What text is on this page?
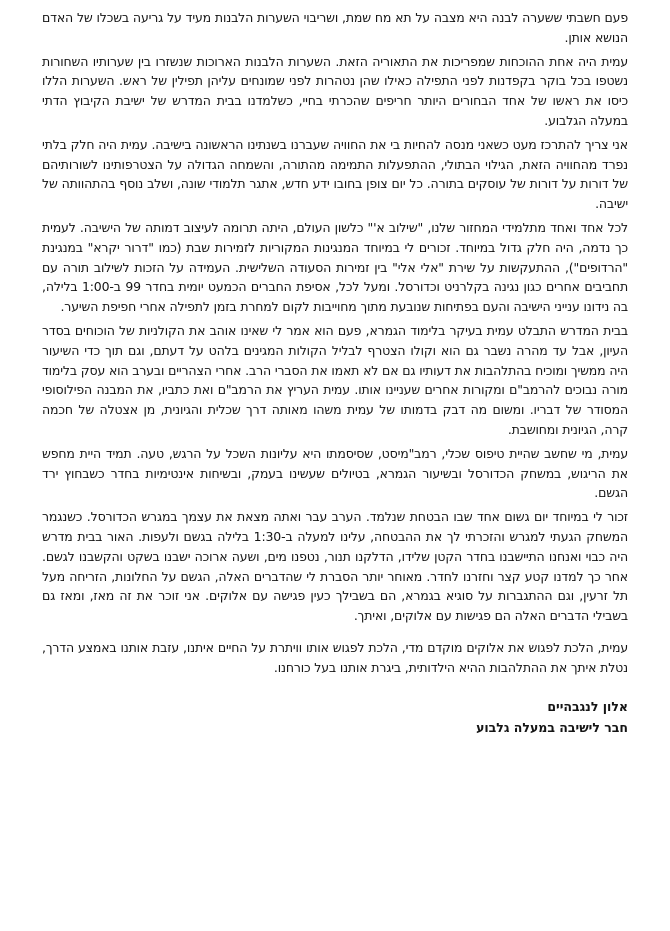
פעם חשבתי ששערה לבנה היא מצבה על תא מח שמת, ושריבוי השערות הלבנות מעיד על גריעה בשכלו של האדם הנושא אותן.

עמית היה אחת ההוכחות שמפריכות את התאוריה הזאת. השערות הלבנות הארוכות שנשזרו בין שערותיו השחורות נשטפו בכל בוקר בקפדנות לפני התפילה כאילו שהן נטהרות לפני שמונחים עליהן תפילין של ראש. השערות הללו כיסו את ראשו של אחד הבחורים היותר חריפים שהכרתי בחיי, כשלמדנו בבית המדרש של ישיבת הקיבוץ הדתי במעלה הגלבוע.

אני צריך להתרכז מעט כשאני מנסה להחיות בי את החוויה שעברנו בשנתינו הראשונה בישיבה. עמית היה חלק בלתי נפרד מהחוויה הזאת, הגילוי הבתולי, ההתפעלות התמימה מהתורה, והשמחה הגדולה על הצטרפותינו לשורותיהם של דורות על דורות של עוסקים בתורה. כל יום צופן בחובו ידע חדש, אתגר תלמודי שונה, ושלב נוסף בהתהוותה של ישיבה.

לכל אחד ואחד מתלמידי המחזור שלנו, "שילוב א'" כלשון העולם, היתה תרומה לעיצוב דמותה של הישיבה. לעמית כך נדמה, היה חלק גדול במיוחד. זכורים לי במיוחד המנגינות המקוריות לזמירות שבת (כמו "דרור יקרא" במנגינת "הרדופים"), ההתעקשות על שירת "אלי אלי" בין זמירות הסעודה השלישית. העמידה על הזכות לשילוב תורה עם תחביבים אחרים כגון נגינה בקלרניט וכדורסל. ומעל לכל, אסיפת החברים הכמעט יומית בחדר 99 ב-1:00 בלילה, בה נידונו ענייני הישיבה והעם בפתיחות שנובעת מתוך מחוייבות לקום למחרת בזמן לתפילה אחרי חפיפת השיער.

בבית המדרש התבלט עמית בעיקר בלימוד הגמרא, פעם הוא אמר לי שאינו אוהב את הקולניות של הוכוחים בסדר העיון, אבל עד מהרה נשבר גם הוא וקולו הצטרף לבליל הקולות המגינים בלהט על דעתם, וגם תוך כדי השיעור היה ממשיך ומוכיח בהתלהבות את דעותיו גם אם לא תאמו את הסברי הרב. אחרי הצהריים ובערב הוא עסק בלימוד מורה נבוכים להרמב"ם ומקורות אחרים שעניינו אותו. עמית העריץ את הרמב"ם ואת כתביו, את המבנה הפילוסופי המסודר של דבריו. ומשום מה דבק בדמותו של עמית משהו מאותה דרך שכלית והגיונית, מן אצטלה של חכמה קרה, הגיונית ומחושבת.

עמית, מי שחשב שהיית טיפוס שכלי, רמב"מיסט, שסיסמתו היא עליונות השכל על הרגש, טעה. תמיד היית מחפש את הריגוש, במשחק הכדורסל ובשיעור הגמרא, בטיולים שעשינו בעמק, ובשיחות אינטימיות בחדר כשבחוץ ירד הגשם.

זכור לי במיוחד יום גשום אחד שבו הבטחת שנלמד. הערב עבר ואתה מצאת את עצמך במגרש הכדורסל. כשנגמר המשחק הגעתי למגרש והזכרתי לך את ההבטחה, עלינו למעלה ב-1:30 בלילה בגשם ולעפות. האור בבית מדרש היה כבוי ואנחנו התיישבנו בחדר הקטן שלידו, הדלקנו תנור, נטפנו מים, ושעה ארוכה ישבנו בשקט והקשבנו לגשם. אחר כך למדנו קטע קצר וחזרנו לחדר. מאוחר יותר הסברת לי שהדברים האלה, הגשם על החלונות, הזריחה מעל תל זרעין, וגם ההתגברות על סוגיא בגמרא, הם בשבילך כעין פגישה עם אלוקים. אני זוכר את זה מאז, ומאז גם בשבילי הדברים האלה הם פגישות עם אלוקים, ואיתך.

עמית, הלכת לפגוש את אלוקים מוקדם מדי, הלכת לפגוש אותו וויתרת על החיים איתנו, עזבת אותנו באמצע הדרך, נטלת איתך את ההתלהבות ההיא הילדותית, ביגרת אותנו בעל כורחנו.

אלון לנגבהיים
חבר לישיבה במעלה גלבוע
